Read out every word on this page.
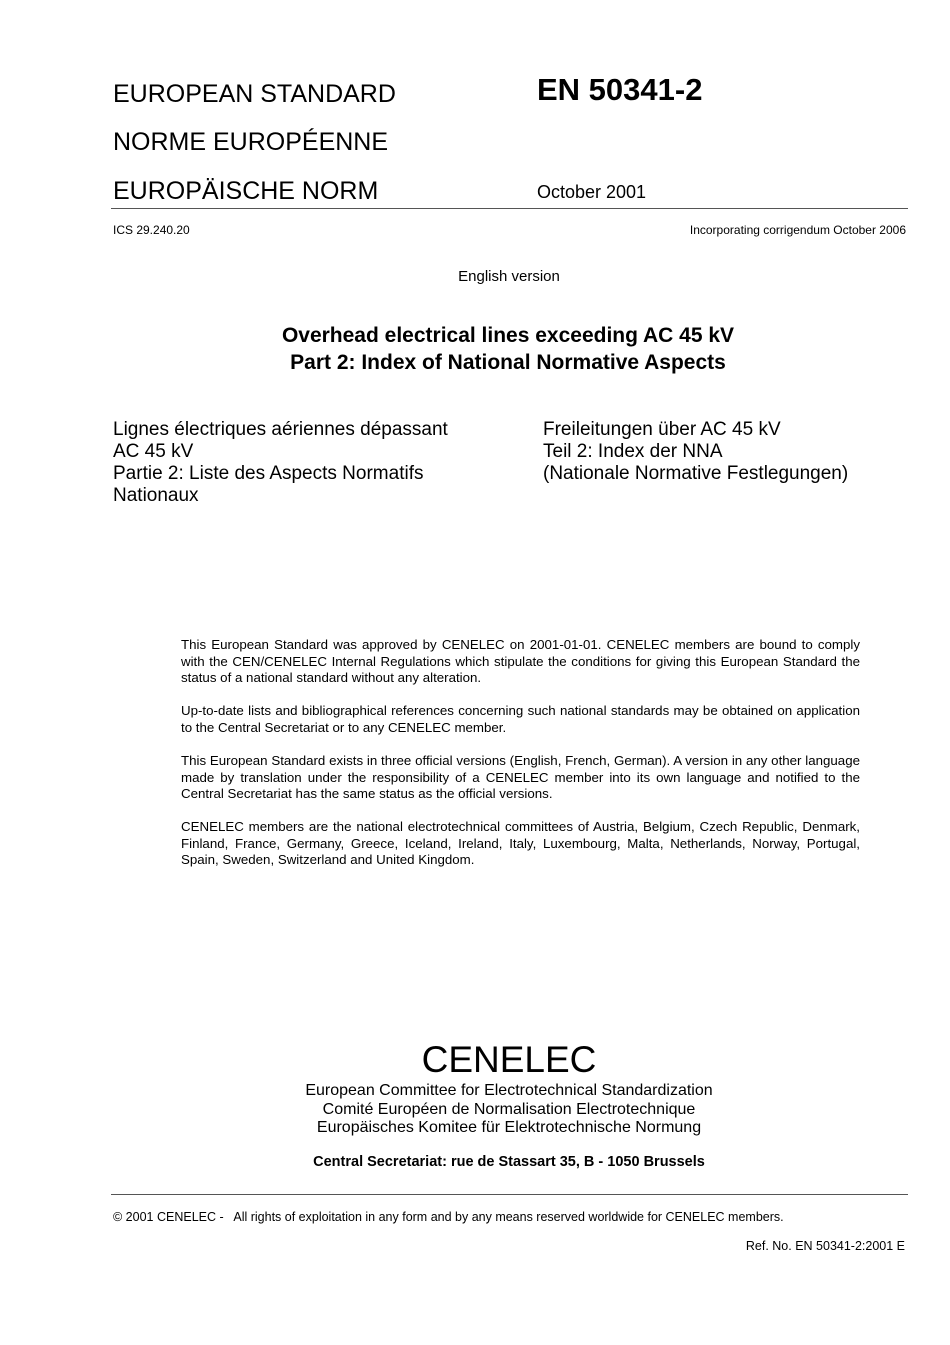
EUROPEAN STANDARD
NORME EUROPÉENNE
EUROPÄISCHE NORM
EN 50341-2
October 2001
ICS 29.240.20	Incorporating corrigendum October 2006
English version
Overhead electrical lines exceeding AC 45 kV
Part 2: Index of National Normative Aspects
Lignes électriques aériennes dépassant
AC 45 kV
Partie 2: Liste des Aspects Normatifs
Nationaux
Freileitungen über AC 45 kV
Teil 2: Index der NNA
(Nationale Normative Festlegungen)

This European Standard was approved by CENELEC on 2001-01-01. CENELEC members are bound to comply with the CEN/CENELEC Internal Regulations which stipulate the conditions for giving this European Standard the status of a national standard without any alteration.

Up-to-date lists and bibliographical references concerning such national standards may be obtained on application to the Central Secretariat or to any CENELEC member.

This European Standard exists in three official versions (English, French, German). A version in any other language made by translation under the responsibility of a CENELEC member into its own language and notified to the Central Secretariat has the same status as the official versions.

CENELEC members are the national electrotechnical committees of Austria, Belgium, Czech Republic, Denmark, Finland, France, Germany, Greece, Iceland, Ireland, Italy, Luxembourg, Malta, Netherlands, Norway, Portugal, Spain, Sweden, Switzerland and United Kingdom.

CENELEC
European Committee for Electrotechnical Standardization
Comité Européen de Normalisation Electrotechnique
Europäisches Komitee für Elektrotechnische Normung
Central Secretariat: rue de Stassart 35, B - 1050 Brussels
© 2001 CENELEC -   All rights of exploitation in any form and by any means reserved worldwide for CENELEC members.
Ref. No. EN 50341-2:2001 E
